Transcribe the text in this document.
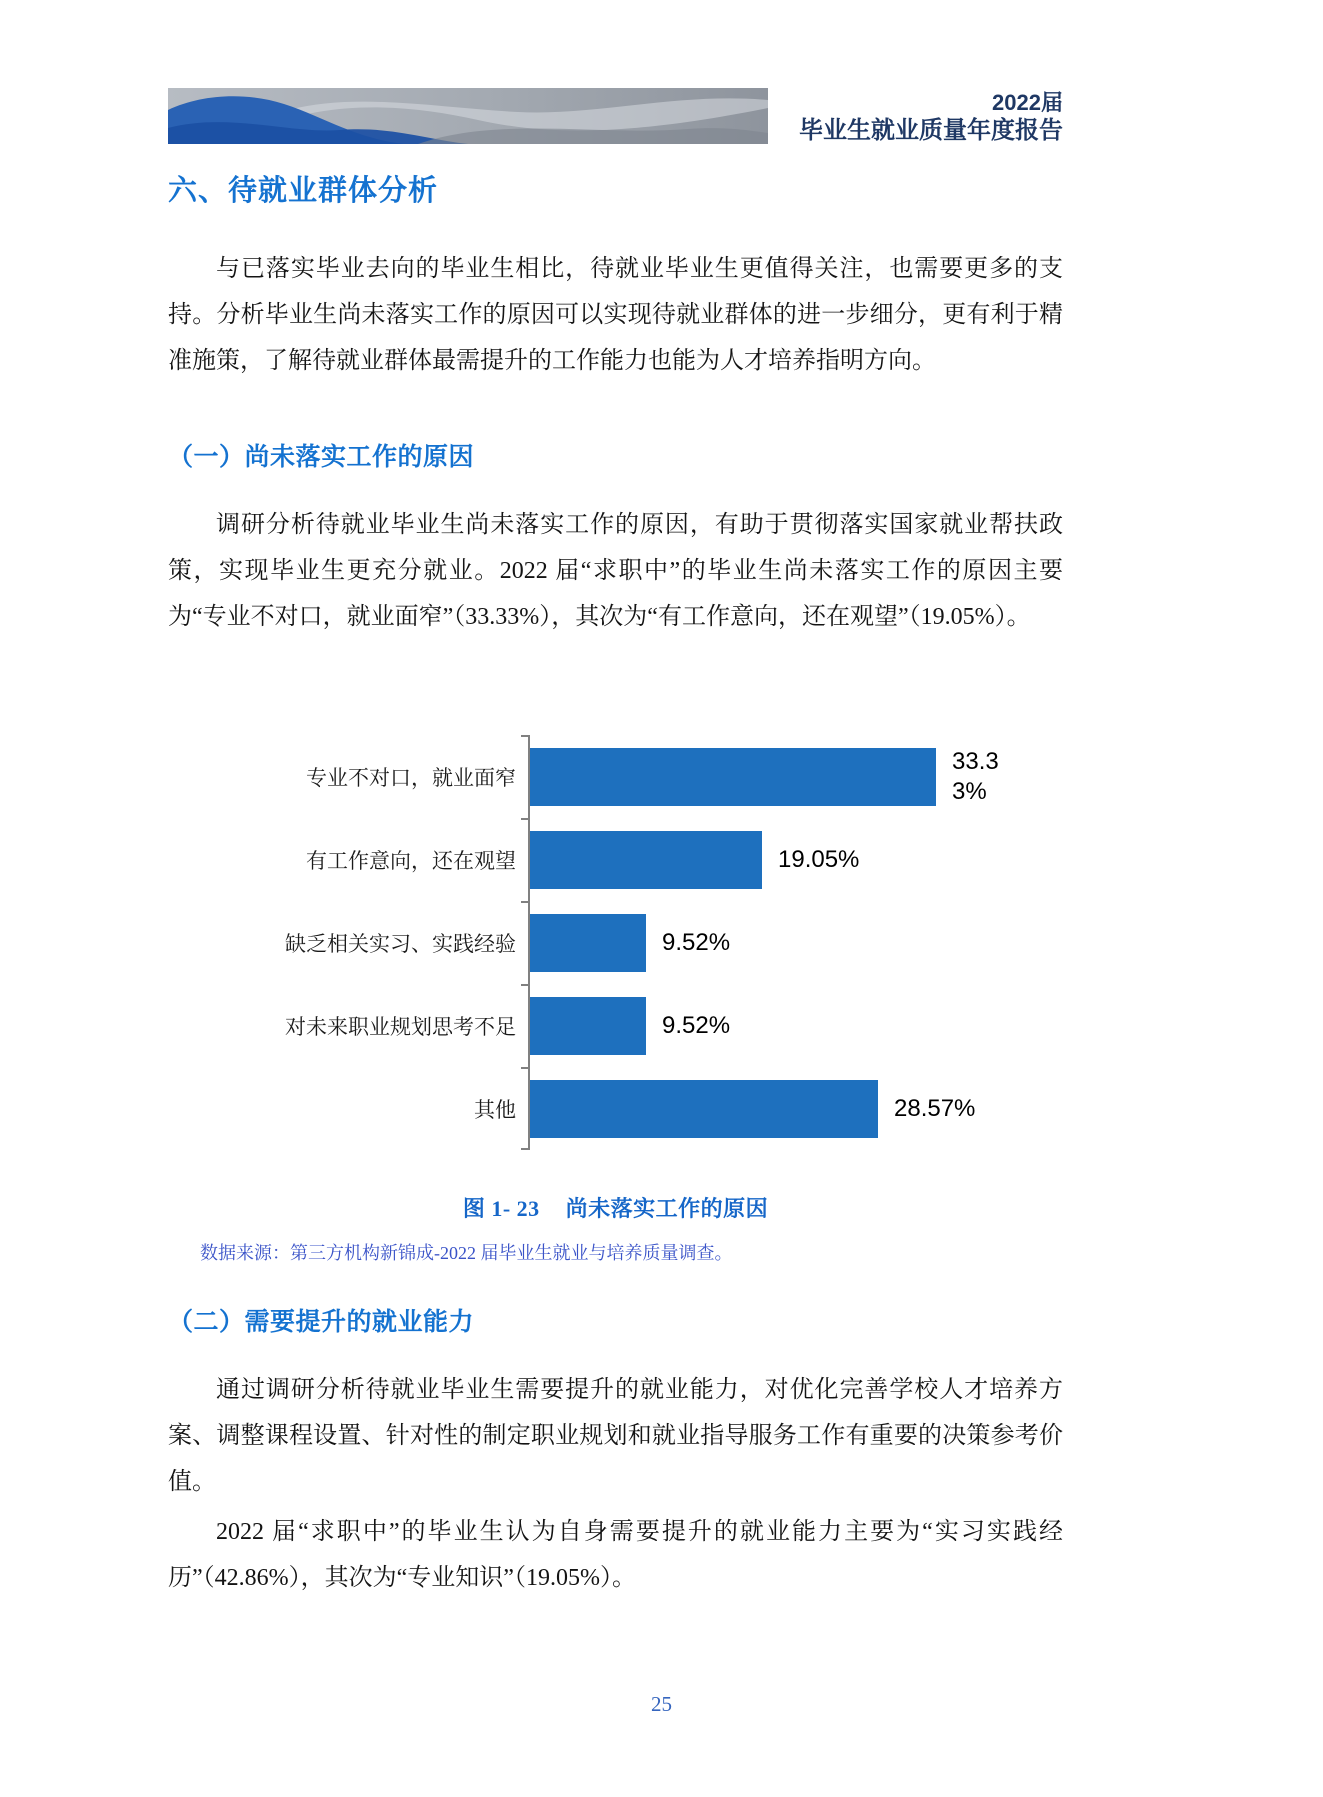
2022届
毕业生就业质量年度报告
六、待就业群体分析

与已落实毕业去向的毕业生相比，待就业毕业生更值得关注，也需要更多的支持。分析毕业生尚未落实工作的原因可以实现待就业群体的进一步细分，更有利于精准施策，了解待就业群体最需提升的工作能力也能为人才培养指明方向。

（一）尚未落实工作的原因

调研分析待就业毕业生尚未落实工作的原因，有助于贯彻落实国家就业帮扶政策，实现毕业生更充分就业。2022 届“求职中”的毕业生尚未落实工作的原因主要为“专业不对口，就业面窄”（33.33%），其次为“有工作意向，还在观望”（19.05%）。

专业不对口，就业面窄
有工作意向，还在观望
缺乏相关实习、实践经验
对未来职业规划思考不足
其他
33.33%
19.05%
9.52%
9.52%
28.57%
图 1- 23 尚未落实工作的原因
数据来源：第三方机构新锦成-2022 届毕业生就业与培养质量调查。
（二）需要提升的就业能力

通过调研分析待就业毕业生需要提升的就业能力，对优化完善学校人才培养方案、调整课程设置、针对性的制定职业规划和就业指导服务工作有重要的决策参考价值。

2022 届“求职中”的毕业生认为自身需要提升的就业能力主要为“实习实践经历”（42.86%），其次为“专业知识”（19.05%）。

25
